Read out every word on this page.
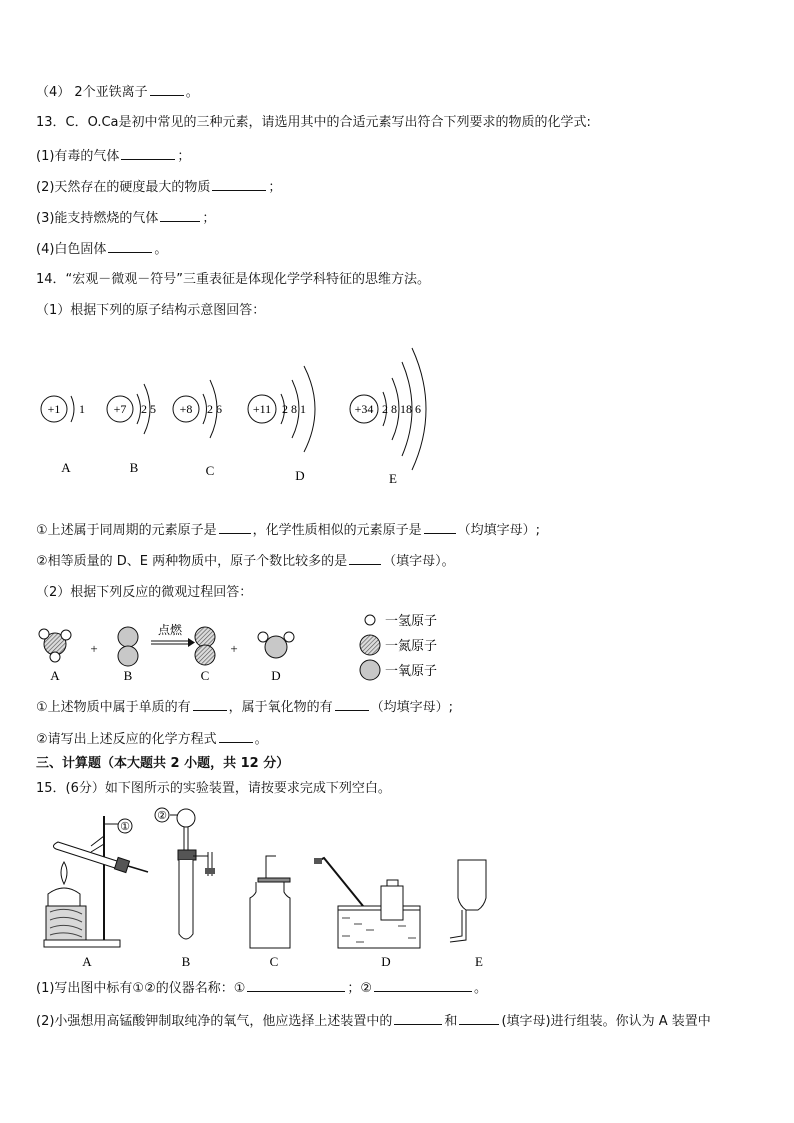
（4） 2个亚铁离子	。
13．C．O.Ca是初中常见的三种元素，请选用其中的合适元素写出符合下列要求的物质的化学式:
(1)有毒的气体	；
(2)天然存在的硬度最大的物质	；
(3)能支持燃烧的气体	；
(4)白色固体	。
14．“宏观－微观－符号”三重表征是体现化学学科特征的思维方法。
（1）根据下列的原子结构示意图回答：
+1 1
A
+7 2 5
B
+8 2 6
C
+11 2 8 1
D
+34 2 8 18 6
E
①上述属于同周期的元素原子是	，化学性质相似的元素原子是	（均填字母）;
②相等质量的 D、E 两种物质中，原子个数比较多的是	（填字母）。
（2）根据下列反应的微观过程回答：
A
+
B
点燃
C
+
D
一氢原子
一氮原子
一氧原子
①上述物质中属于单质的有	，属于氧化物的有	（均填字母）;
②请写出上述反应的化学方程式	。
三、计算题（本大题共 2 小题，共 12 分）
15．(6分）如下图所示的实验装置，请按要求完成下列空白。
①
A
②
B	C	D	E
(1)写出图中标有①②的仪器名称：①	；②	。
(2)小强想用高锰酸钾制取纯净的氧气，他应选择上述装置中的	和	(填字母)进行组装。你认为 A 装置中
